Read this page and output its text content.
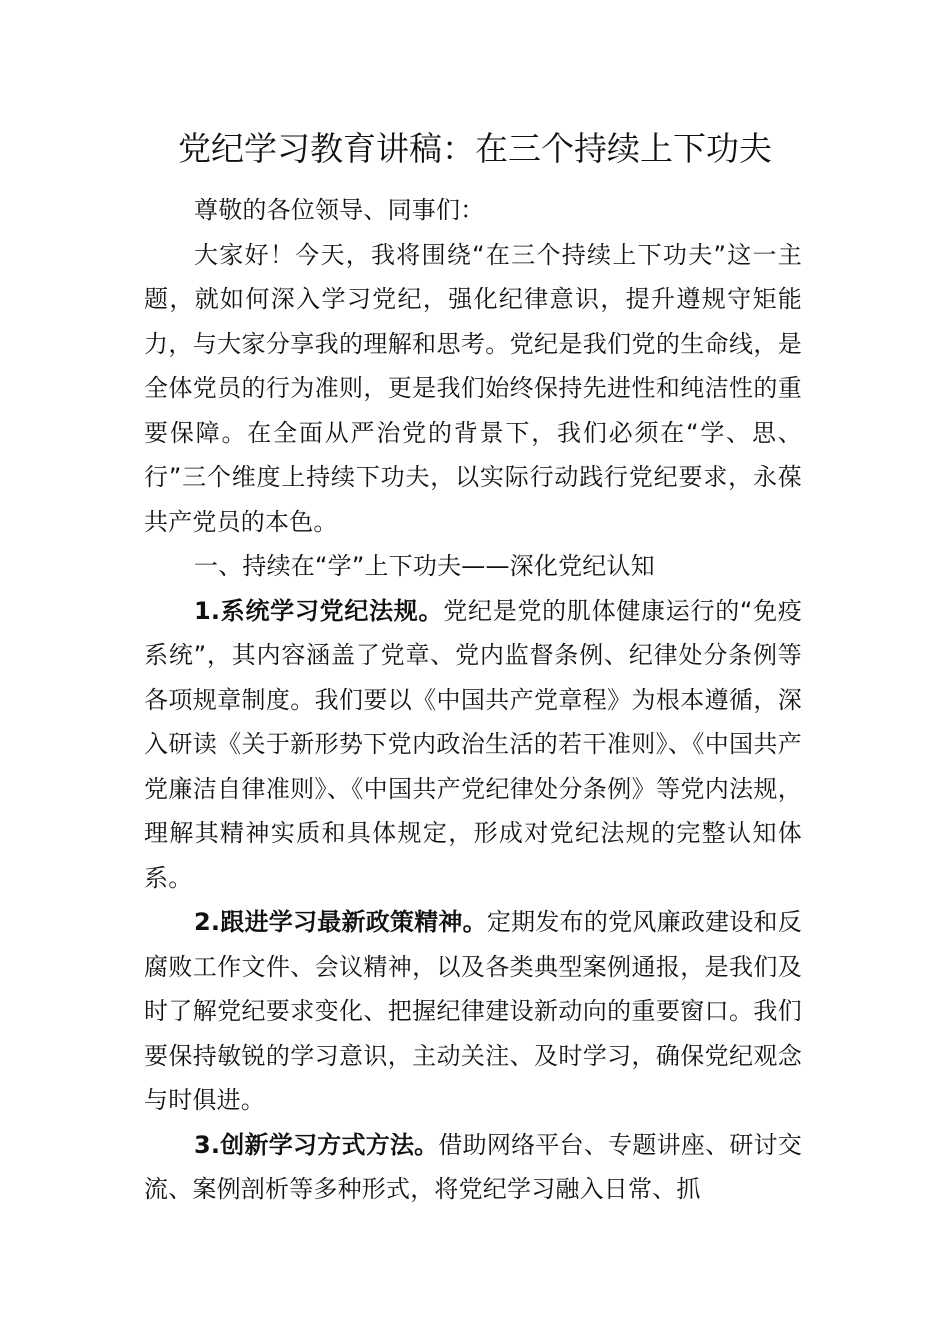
党纪学习教育讲稿：在三个持续上下功夫

尊敬的各位领导、同事们：

大家好！今天，我将围绕“在三个持续上下功夫”这一主题，就如何深入学习党纪，强化纪律意识，提升遵规守矩能力，与大家分享我的理解和思考。党纪是我们党的生命线，是全体党员的行为准则，更是我们始终保持先进性和纯洁性的重要保障。在全面从严治党的背景下，我们必须在“学、思、行”三个维度上持续下功夫，以实际行动践行党纪要求，永葆共产党员的本色。

一、持续在“学”上下功夫——深化党纪认知

1.系统学习党纪法规。党纪是党的肌体健康运行的“免疫系统”，其内容涵盖了党章、党内监督条例、纪律处分条例等各项规章制度。我们要以《中国共产党章程》为根本遵循，深入研读《关于新形势下党内政治生活的若干准则》、《中国共产党廉洁自律准则》、《中国共产党纪律处分条例》等党内法规，理解其精神实质和具体规定，形成对党纪法规的完整认知体系。

2.跟进学习最新政策精神。定期发布的党风廉政建设和反腐败工作文件、会议精神，以及各类典型案例通报，是我们及时了解党纪要求变化、把握纪律建设新动向的重要窗口。我们要保持敏锐的学习意识，主动关注、及时学习，确保党纪观念与时俱进。

3.创新学习方式方法。借助网络平台、专题讲座、研讨交流、案例剖析等多种形式，将党纪学习融入日常、抓
